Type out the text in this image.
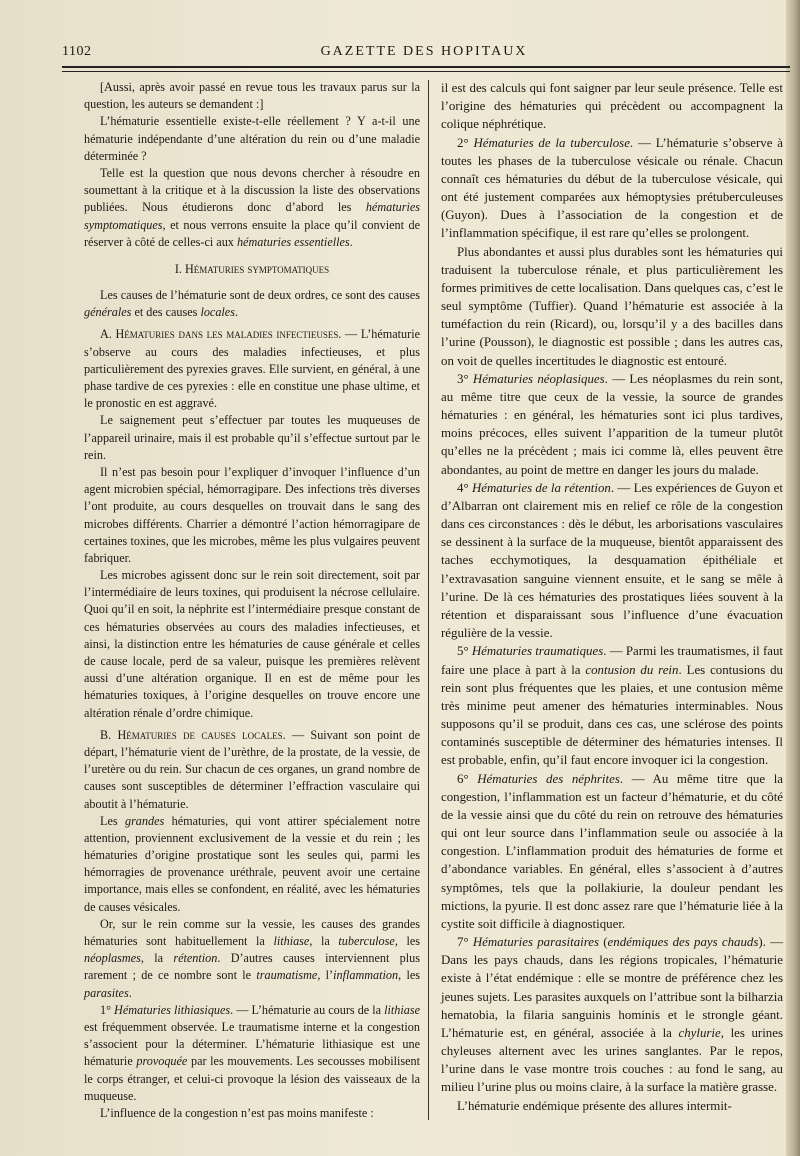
1102	GAZETTE DES HOPITAUX

[Aussi, après avoir passé en revue tous les travaux parus sur la question, les auteurs se demandent :]

L’hématurie essentielle existe-t-elle réellement ? Y a-t-il une hématurie indépendante d’une altération du rein ou d’une maladie déterminée ?

Telle est la question que nous devons chercher à résoudre en soumettant à la critique et à la discussion la liste des observations publiées. Nous étudierons donc d’abord les hématuries symptomatiques, et nous verrons ensuite la place qu’il convient de réserver à côté de celles-ci aux hématuries essentielles.

I. Hématuries symptomatiques

Les causes de l’hématurie sont de deux ordres, ce sont des causes générales et des causes locales.

A. Hématuries dans les maladies infectieuses. — L’hématurie s’observe au cours des maladies infectieuses, et plus particulièrement des pyrexies graves. Elle survient, en général, à une phase tardive de ces pyrexies : elle en constitue une phase ultime, et le pronostic en est aggravé.

Le saignement peut s’effectuer par toutes les muqueuses de l’appareil urinaire, mais il est probable qu’il s’effectue surtout par le rein.

Il n’est pas besoin pour l’expliquer d’invoquer l’influence d’un agent microbien spécial, hémorragipare. Des infections très diverses l’ont produite, au cours desquelles on trouvait dans le sang des microbes différents. Charrier a démontré l’action hémorragipare de certaines toxines, que les microbes, même les plus vulgaires peuvent fabriquer.

Les microbes agissent donc sur le rein soit directement, soit par l’intermédiaire de leurs toxines, qui produisent la nécrose cellulaire. Quoi qu’il en soit, la néphrite est l’intermédiaire presque constant de ces hématuries observées au cours des maladies infectieuses, et ainsi, la distinction entre les hématuries de cause générale et celles de cause locale, perd de sa valeur, puisque les premières relèvent aussi d’une altération organique. Il en est de même pour les hématuries toxiques, à l’origine desquelles on trouve encore une altération rénale d’ordre chimique.

B. Hématuries de causes locales. — Suivant son point de départ, l’hématurie vient de l’urèthre, de la prostate, de la vessie, de l’uretère ou du rein. Sur chacun de ces organes, un grand nombre de causes sont susceptibles de déterminer l’effraction vasculaire qui aboutit à l’hématurie.

Les grandes hématuries, qui vont attirer spécialement notre attention, proviennent exclusivement de la vessie et du rein ; les hématuries d’origine prostatique sont les seules qui, parmi les hémorragies de provenance uréthrale, peuvent avoir une certaine importance, mais elles se confondent, en réalité, avec les hématuries de causes vésicales.

Or, sur le rein comme sur la vessie, les causes des grandes hématuries sont habituellement la lithiase, la tuberculose, les néoplasmes, la rétention. D’autres causes interviennent plus rarement ; de ce nombre sont le traumatisme, l’inflammation, les parasites.

1° Hématuries lithiasiques. — L’hématurie au cours de la lithiase est fréquemment observée. Le traumatisme interne et la congestion s’associent pour la déterminer. L’hématurie lithiasique est une hématurie provoquée par les mouvements. Les secousses mobilisent le corps étranger, et celui-ci provoque la lésion des vaisseaux de la muqueuse.

L’influence de la congestion n’est pas moins manifeste :

il est des calculs qui font saigner par leur seule présence. Telle est l’origine des hématuries qui précèdent ou accompagnent la colique néphrétique.

2° Hématuries de la tuberculose. — L’hématurie s’observe à toutes les phases de la tuberculose vésicale ou rénale. Chacun connaît ces hématuries du début de la tuberculose vésicale, qui ont été justement comparées aux hémoptysies prétuberculeuses (Guyon). Dues à l’association de la congestion et de l’inflammation spécifique, il est rare qu’elles se prolongent.

Plus abondantes et aussi plus durables sont les hématuries qui traduisent la tuberculose rénale, et plus particulièrement les formes primitives de cette localisation. Dans quelques cas, c’est le seul symptôme (Tuffier). Quand l’hématurie est associée à la tuméfaction du rein (Ricard), ou, lorsqu’il y a des bacilles dans l’urine (Pousson), le diagnostic est possible ; dans les autres cas, on voit de quelles incertitudes le diagnostic est entouré.

3° Hématuries néoplasiques. — Les néoplasmes du rein sont, au même titre que ceux de la vessie, la source de grandes hématuries : en général, les hématuries sont ici plus tardives, moins précoces, elles suivent l’apparition de la tumeur plutôt qu’elles ne la précèdent ; mais ici comme là, elles peuvent être abondantes, au point de mettre en danger les jours du malade.

4° Hématuries de la rétention. — Les expériences de Guyon et d’Albarran ont clairement mis en relief ce rôle de la congestion dans ces circonstances : dès le début, les arborisations vasculaires se dessinent à la surface de la muqueuse, bientôt apparaissent des taches ecchymotiques, la desquamation épithéliale et l’extravasation sanguine viennent ensuite, et le sang se mêle à l’urine. De là ces hématuries des prostatiques liées souvent à la rétention et disparaissant sous l’influence d’une évacuation régulière de la vessie.

5° Hématuries traumatiques. — Parmi les traumatismes, il faut faire une place à part à la contusion du rein. Les contusions du rein sont plus fréquentes que les plaies, et une contusion même très minime peut amener des hématuries interminables. Nous supposons qu’il se produit, dans ces cas, une sclérose des points contaminés susceptible de déterminer des hématuries intenses. Il est probable, enfin, qu’il faut encore invoquer ici la congestion.

6° Hématuries des néphrites. — Au même titre que la congestion, l’inflammation est un facteur d’hématurie, et du côté de la vessie ainsi que du côté du rein on retrouve des hématuries qui ont leur source dans l’inflammation seule ou associée à la congestion. L’inflammation produit des hématuries de forme et d’abondance variables. En général, elles s’associent à d’autres symptômes, tels que la pollakiurie, la douleur pendant les mictions, la pyurie. Il est donc assez rare que l’hématurie liée à la cystite soit difficile à diagnostiquer.

7° Hématuries parasitaires (endémiques des pays chauds). — Dans les pays chauds, dans les régions tropicales, l’hématurie existe à l’état endémique : elle se montre de préférence chez les jeunes sujets. Les parasites auxquels on l’attribue sont la bilharzia hematobia, la filaria sanguinis hominis et le strongle géant. L’hématurie est, en général, associée à la chylurie, les urines chyleuses alternent avec les urines sanglantes. Par le repos, l’urine dans le vase montre trois couches : au fond le sang, au milieu l’urine plus ou moins claire, à la surface la matière grasse.

L’hématurie endémique présente des allures intermit-
